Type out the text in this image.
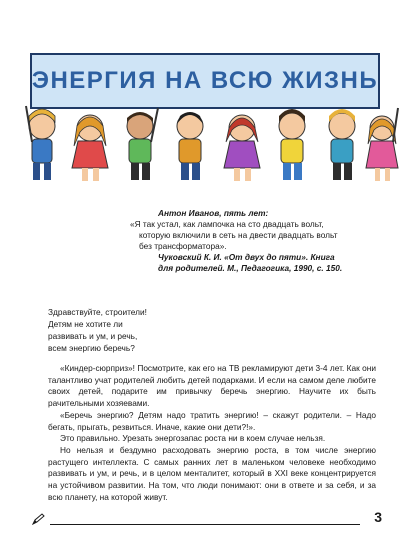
ЭНЕРГИЯ НА ВСЮ ЖИЗНЬ
Антон Иванов, пять лет:
«Я так устал, как лампочка на сто двадцать вольт,
которую включили в сеть на двести двадцать вольт
без трансформатора».
Чуковский К. И. «От двух до пяти». Книга
для родителей. М., Педагогика, 1990, с. 150.
Здравствуйте, строители!
Детям не хотите ли
развивать и ум, и речь,
всем энергию беречь?

«Киндер-сюрприз»! Посмотрите, как его на ТВ рекламируют дети 3-4 лет. Как они талантливо учат родителей любить детей подарками. И если на самом деле любите своих детей, подарите им привычку беречь энергию. Научите их быть рачительными хозяевами.

«Беречь энергию? Детям надо тратить энергию! – скажут родители. – Надо бегать, прыгать, резвиться. Иначе, какие они дети?!».

Это правильно. Урезать энергозапас роста ни в коем случае нельзя.

Но нельзя и бездумно расходовать энергию роста, в том числе энергию растущего интеллекта. С самых ранних лет в маленьком человеке необходимо развивать и ум, и речь, и в целом менталитет, который в XXI веке концентрируется на устойчивом развитии. На том, что люди понимают: они в ответе и за себя, и за всю планету, на которой живут.

3
